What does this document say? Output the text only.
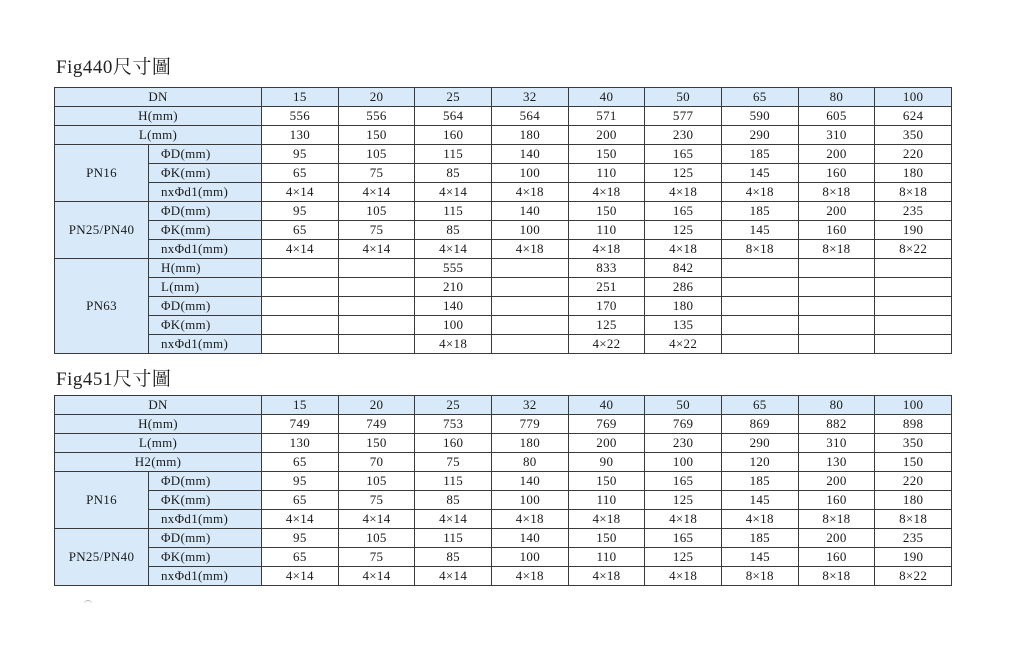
Fig440尺寸圖
DN		15	20	25	32	40	50	65	80	100
H(mm)		556	556	564	564	571	577	590	605	624
L(mm)		130	150	160	180	200	230	290	310	350
PN16	ΦD(mm)	95	105	115	140	150	165	185	200	220
	ΦK(mm)	65	75	85	100	110	125	145	160	180
	nxΦd1(mm)	4×14	4×14	4×14	4×18	4×18	4×18	4×18	8×18	8×18
PN25/PN40	ΦD(mm)	95	105	115	140	150	165	185	200	235
	ΦK(mm)	65	75	85	100	110	125	145	160	190
	nxΦd1(mm)	4×14	4×14	4×14	4×18	4×18	4×18	8×18	8×18	8×22
PN63	H(mm)			555		833	842			
	L(mm)			210		251	286			
	ΦD(mm)			140		170	180			
	ΦK(mm)			100		125	135			
	nxΦd1(mm)			4×18		4×22	4×22			
Fig451尺寸圖
DN		15	20	25	32	40	50	65	80	100
H(mm)		749	749	753	779	769	769	869	882	898
L(mm)		130	150	160	180	200	230	290	310	350
H2(mm)		65	70	75	80	90	100	120	130	150
PN16	ΦD(mm)	95	105	115	140	150	165	185	200	220
	ΦK(mm)	65	75	85	100	110	125	145	160	180
	nxΦd1(mm)	4×14	4×14	4×14	4×18	4×18	4×18	4×18	8×18	8×18
PN25/PN40	ΦD(mm)	95	105	115	140	150	165	185	200	235
	ΦK(mm)	65	75	85	100	110	125	145	160	190
	nxΦd1(mm)	4×14	4×14	4×14	4×18	4×18	4×18	8×18	8×18	8×22
